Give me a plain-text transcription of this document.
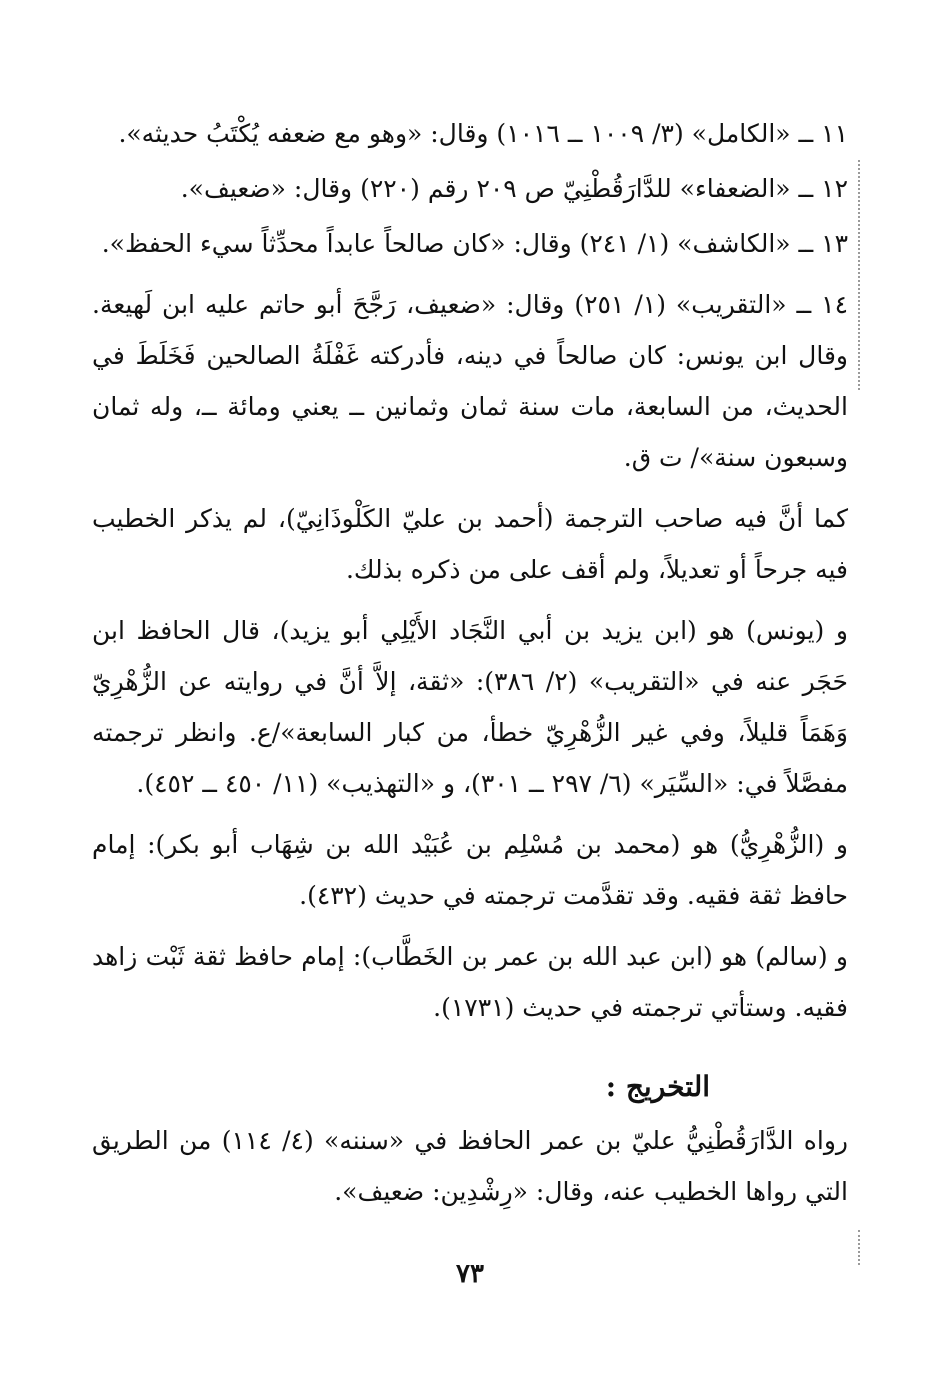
١١ ــ «الكامل» (٣/ ١٠٠٩ ــ ١٠١٦) وقال: «وهو مع ضعفه يُكْتَبُ حديثه».

١٢ ــ «الضعفاء» للدَّارَقُطْنِيّ ص ٢٠٩ رقم (٢٢٠) وقال: «ضعيف».

١٣ ــ «الكاشف» (١/ ٢٤١) وقال: «كان صالحاً عابداً محدِّثاً سيء الحفظ».

١٤ ــ «التقريب» (١/ ٢٥١) وقال: «ضعيف، رَجَّحَ أبو حاتم عليه ابن لَهيعة. وقال ابن يونس: كان صالحاً في دينه، فأدركته غَفْلَةُ الصالحين فَخَلَطَ في الحديث، من السابعة، مات سنة ثمان وثمانين ــ يعني ومائة ــ، وله ثمان وسبعون سنة»/ ت ق.

كما أنَّ فيه صاحب الترجمة (أحمد بن عليّ الكَلْوذَانِيّ)، لم يذكر الخطيب فيه جرحاً أو تعديلاً، ولم أقف على من ذكره بذلك.

و (يونس) هو (ابن يزيد بن أبي النَّجَاد الأَيْلِي أبو يزيد)، قال الحافظ ابن حَجَر عنه في «التقريب» (٢/ ٣٨٦): «ثقة، إلاَّ أنَّ في روايته عن الزُّهْرِيّ وَهَمَاً قليلاً، وفي غير الزُّهْرِيّ خطأ، من كبار السابعة»/ع. وانظر ترجمته مفصَّلاً في: «السِّيَر» (٦/ ٢٩٧ ــ ٣٠١)، و «التهذيب» (١١/ ٤٥٠ ــ ٤٥٢).

و (الزُّهْرِيُّ) هو (محمد بن مُسْلِم بن عُبَيْد الله بن شِهَاب أبو بكر): إمام حافظ ثقة فقيه. وقد تقدَّمت ترجمته في حديث (٤٣٢).

و (سالم) هو (ابن عبد الله بن عمر بن الخَطَّاب): إمام حافظ ثقة ثَبْت زاهد فقيه. وستأتي ترجمته في حديث (١٧٣١).

التخريج :

رواه الدَّارَقُطْنِيُّ عليّ بن عمر الحافظ في «سننه» (٤/ ١١٤) من الطريق التي رواها الخطيب عنه، وقال: «رِشْدِين: ضعيف».

٧٣
